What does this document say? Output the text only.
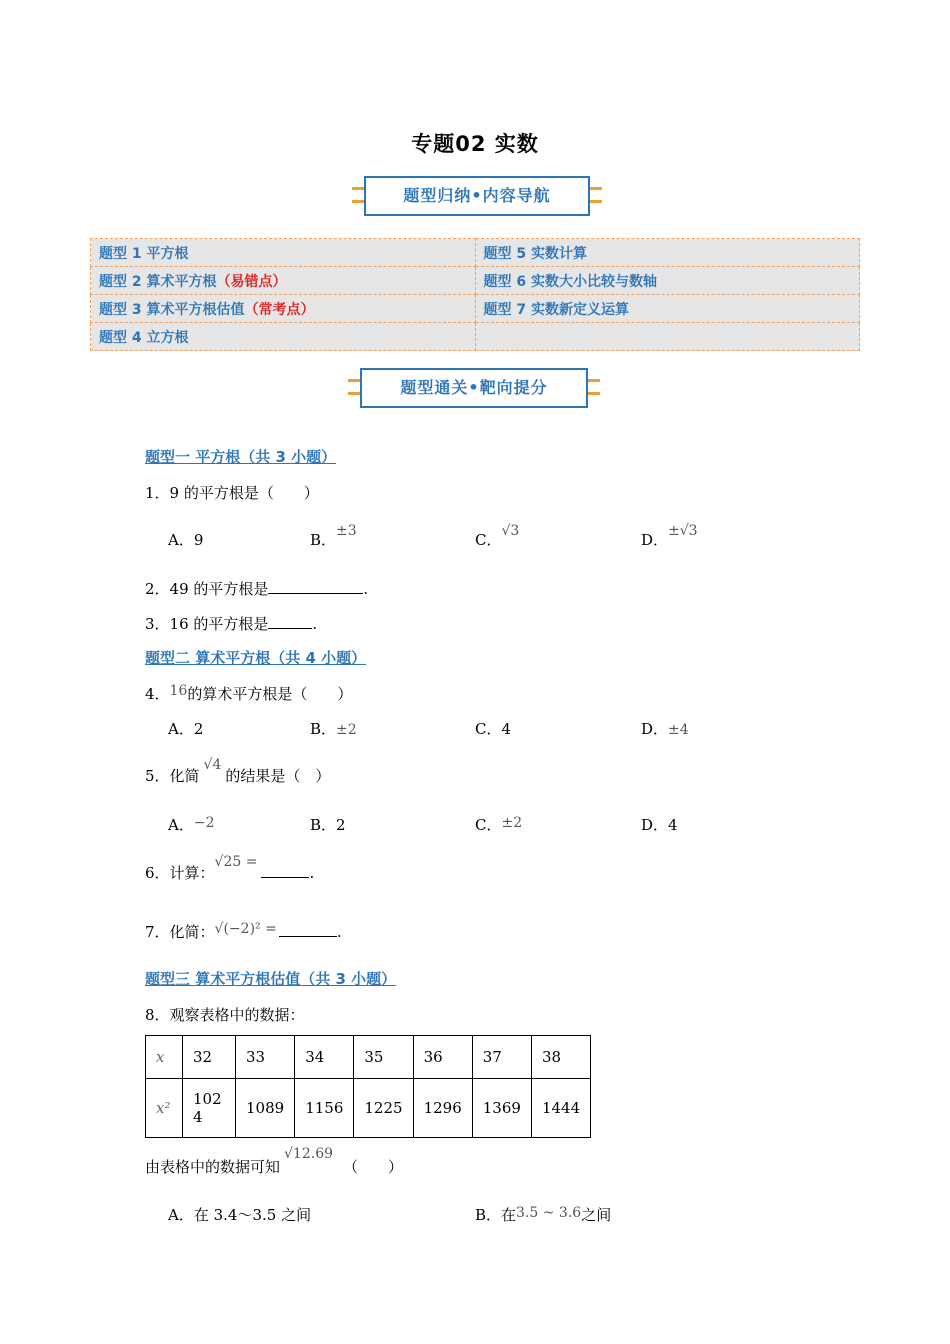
专题02 实数
题型归纳•内容导航
题型 1 平方根	题型 5 实数计算
题型 2 算术平方根（易错点）	题型 6 实数大小比较与数轴
题型 3 算术平方根估值（常考点）	题型 7 实数新定义运算
题型 4 立方根	
题型通关•靶向提分
题型一 平方根（共 3 小题）
1．9 的平方根是（　　）
A．9	B．±3	C．√3	D．±√3
2．49 的平方根是	.
3．16 的平方根是	.
题型二 算术平方根（共 4 小题）
4．16的算术平方根是（　　）
A．2	B．±2	C．4	D．±4
5．化简√4的结果是（　）
A．−2	B．2	C．±2	D．4
6．计算：√25 =.
7．化简：√(−2)² =	.
题型三 算术平方根估值（共 3 小题）
8．观察表格中的数据：
x	32	33	34	35	36	37	38
x²	1024	1089	1156	1225	1296	1369	1444
由表格中的数据可知√12.69（　　）
A．在 3.4～3.5 之间	B．在3.5 ~ 3.6之间
